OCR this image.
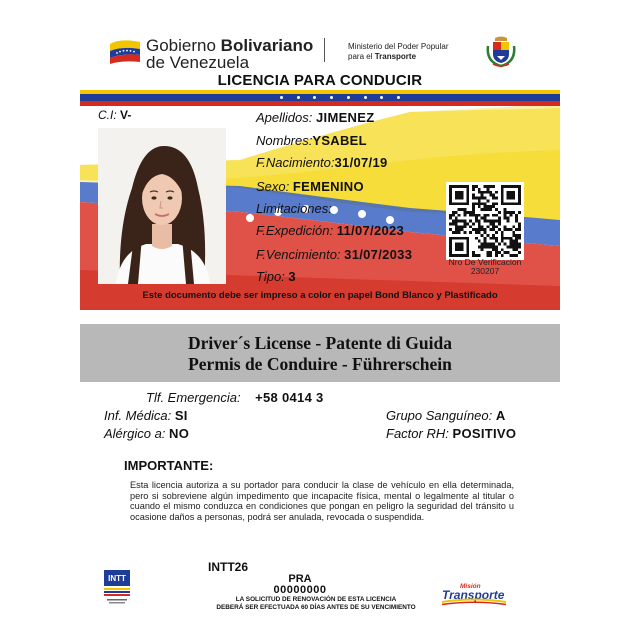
Gobierno Bolivariano
de Venezuela
Ministerio del Poder Popular
para el Transporte
LICENCIA PARA CONDUCIR
C.I: V-	Apellidos: JIMENEZ
Nombres:YSABEL
F.Nacimiento:31/07/19
Sexo: FEMENINO
Limitaciones:
F.Expedición: 11/07/2023
F.Vencimiento: 31/07/2033
Tipo: 3
Nro De Verificacion
230207
Este documento debe ser impreso a color en papel Bond Blanco y Plastificado
Driver´s License - Patente di Guida
Permis de Conduire - Führerschein
Tlf. Emergencia: +58 0414 3
Inf. Médica: SI
Alérgico a: NO
Grupo Sanguíneo: A
Factor RH: POSITIVO
IMPORTANTE:
Esta licencia autoriza a su portador para conducir la clase de vehículo en ella determinada, pero si sobreviene algún impedimento que incapacite física, mental o legalmente al titular o cuando el mismo conduzca en condiciones que pongan en peligro la seguridad del tránsito u ocasione daños a personas, podrá ser anulada, revocada o suspendida.
INTT
INTT26
PRA
00000000
LA SOLICITUD DE RENOVACIÓN DE ESTA LICENCIA
DEBERÁ SER EFECTUADA 60 DÍAS ANTES DE SU VENCIMIENTO
Misión
Transporte
